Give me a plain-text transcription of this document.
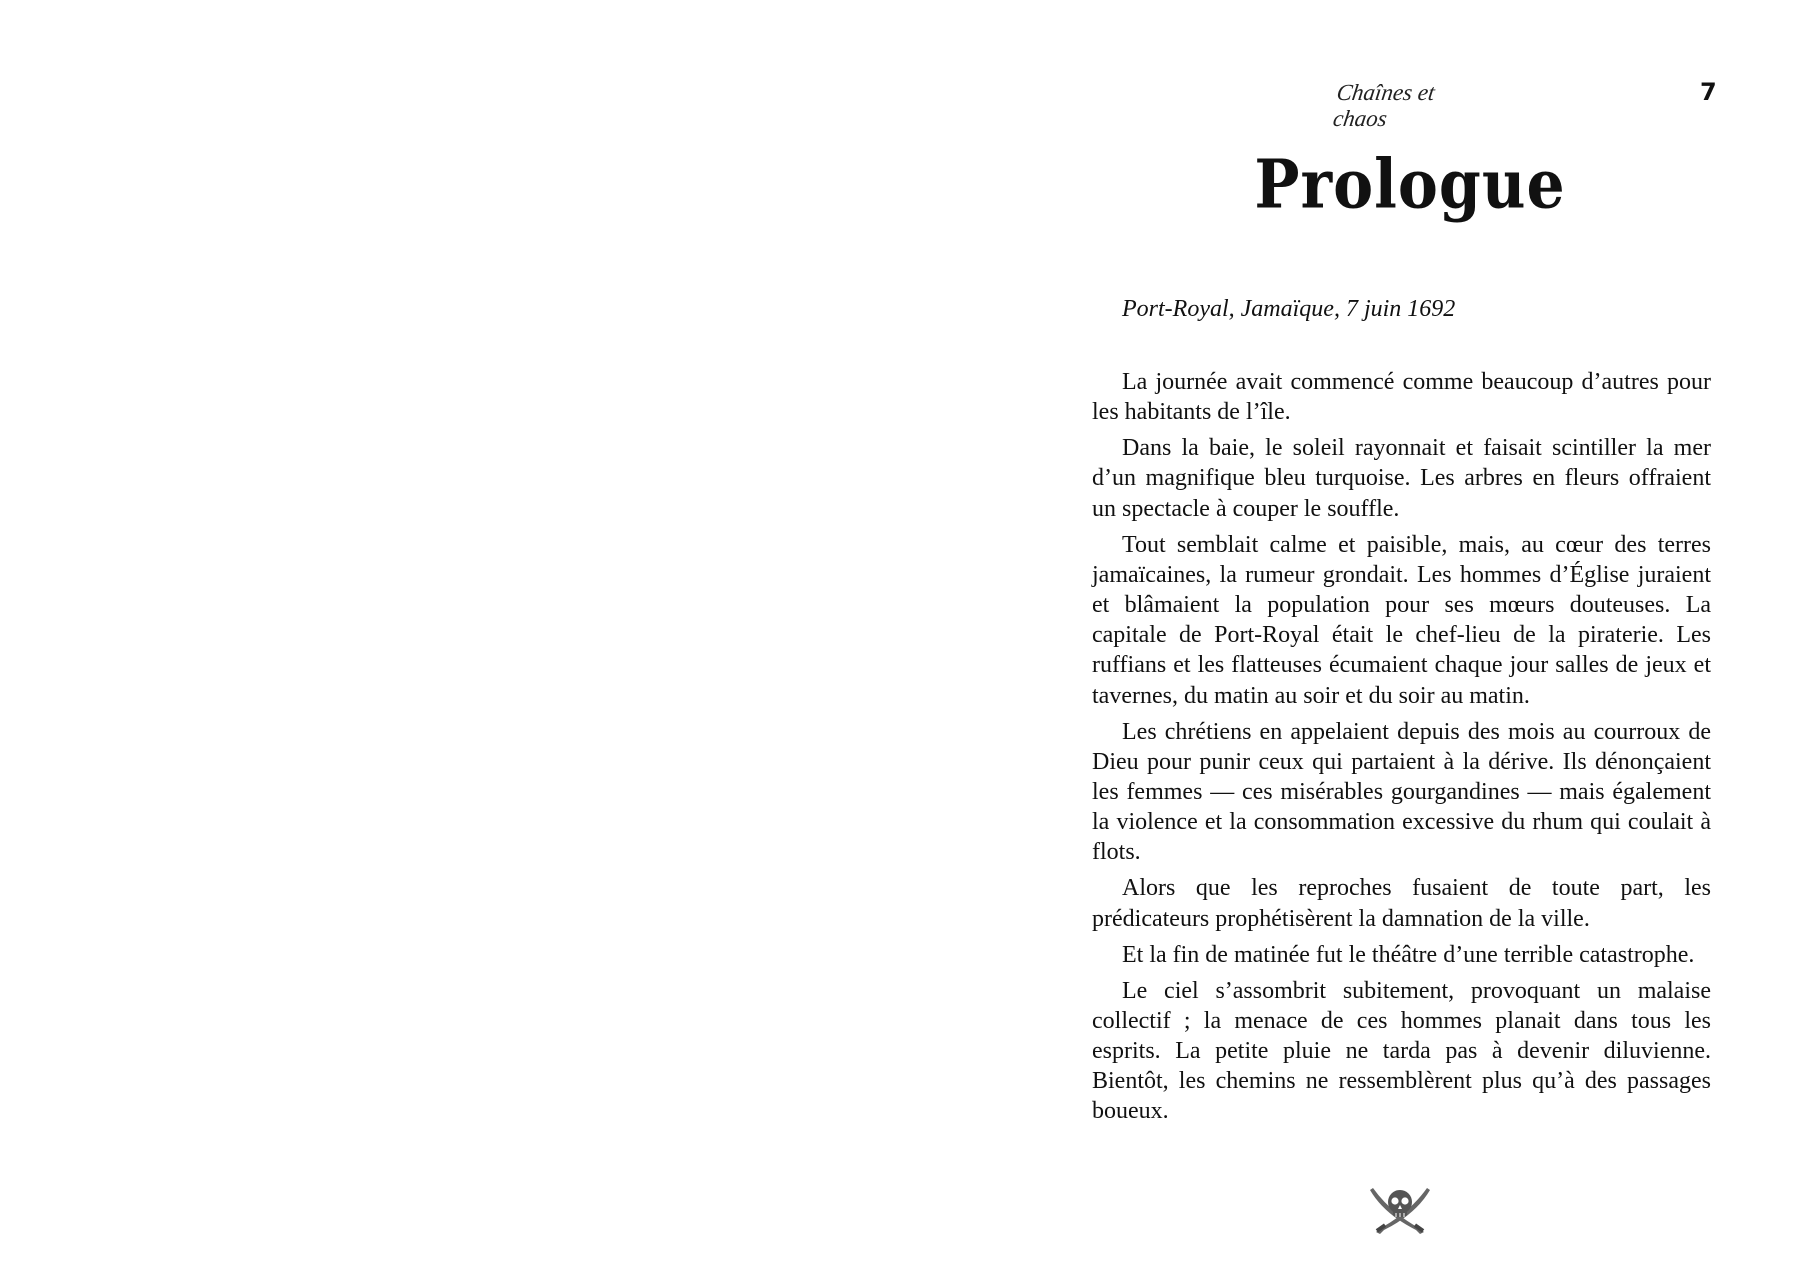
Chaînes et chaos
7
Prologue
Port-Royal, Jamaïque, 7 juin 1692

La journée avait commencé comme beaucoup d’autres pour les habitants de l’île.

Dans la baie, le soleil rayonnait et faisait scintiller la mer d’un magnifique bleu turquoise. Les arbres en fleurs offraient un spectacle à couper le souffle.

Tout semblait calme et paisible, mais, au cœur des terres jamaïcaines, la rumeur grondait. Les hommes d’Église juraient et blâmaient la population pour ses mœurs douteuses. La capitale de Port-Royal était le chef-lieu de la piraterie. Les ruffians et les flatteuses écumaient chaque jour salles de jeux et tavernes, du matin au soir et du soir au matin.

Les chrétiens en appelaient depuis des mois au courroux de Dieu pour punir ceux qui partaient à la dérive. Ils dénonçaient les femmes — ces misérables gourgandines — mais également la violence et la consommation excessive du rhum qui coulait à flots.

Alors que les reproches fusaient de toute part, les prédicateurs prophétisèrent la damnation de la ville.

Et la fin de matinée fut le théâtre d’une terrible catastrophe.

Le ciel s’assombrit subitement, provoquant un malaise collectif ; la menace de ces hommes planait dans tous les esprits. La petite pluie ne tarda pas à devenir diluvienne. Bientôt, les chemins ne ressemblèrent plus qu’à des passages boueux.
